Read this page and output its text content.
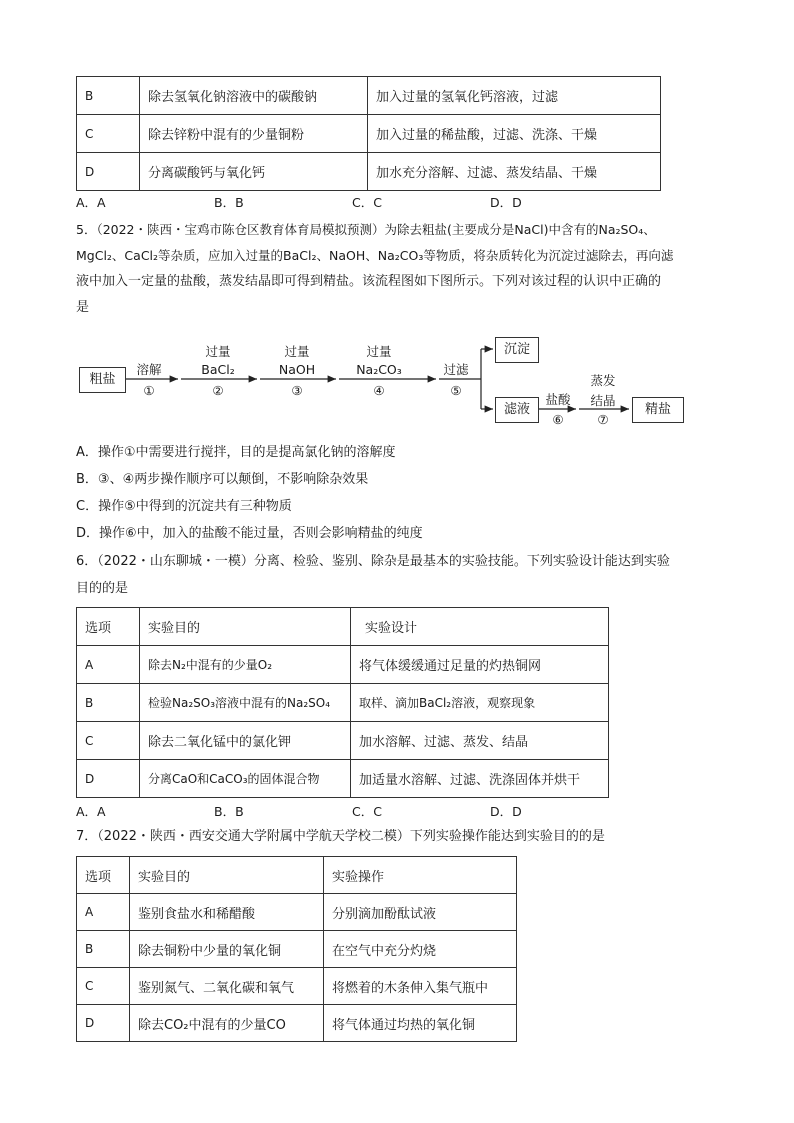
B	除去氢氧化钠溶液中的碳酸钠	加入过量的氢氧化钙溶液，过滤
C	除去锌粉中混有的少量铜粉	加入过量的稀盐酸，过滤、洗涤、干燥
D	分离碳酸钙与氧化钙	加水充分溶解、过滤、蒸发结晶、干燥
A．A	B．B	C．C	D．D
5．（2022・陕西・宝鸡市陈仓区教育体育局模拟预测）为除去粗盐(主要成分是NaCl)中含有的Na₂SO₄、
MgCl₂、CaCl₂等杂质，应加入过量的BaCl₂、NaOH、Na₂CO₃等物质，将杂质转化为沉淀过滤除去，再向滤
液中加入一定量的盐酸，蒸发结晶即可得到精盐。该流程图如下图所示。下列对该过程的认识中正确的
是
粗盐
溶解
①
过量
BaCl₂
②
过量
NaOH
③
过量
Na₂CO₃
④
过滤
⑤
沉淀
滤液
盐酸
⑥
蒸发
结晶
⑦
精盐
A．操作①中需要进行搅拌，目的是提高氯化钠的溶解度
B．③、④两步操作顺序可以颠倒，不影响除杂效果
C．操作⑤中得到的沉淀共有三种物质
D．操作⑥中，加入的盐酸不能过量，否则会影响精盐的纯度
6．（2022・山东聊城・一模）分离、检验、鉴别、除杂是最基本的实验技能。下列实验设计能达到实验
目的的是
选项	实验目的	实验设计
A	除去N₂中混有的少量O₂	将气体缓缓通过足量的灼热铜网
B	检验Na₂SO₃溶液中混有的Na₂SO₄	取样、滴加BaCl₂溶液，观察现象
C	除去二氧化锰中的氯化钾	加水溶解、过滤、蒸发、结晶
D	分离CaO和CaCO₃的固体混合物	加适量水溶解、过滤、洗涤固体并烘干
A．A	B．B	C．C	D．D
7．（2022・陕西・西安交通大学附属中学航天学校二模）下列实验操作能达到实验目的的是
选项	实验目的	实验操作
A	鉴别食盐水和稀醋酸	分别滴加酚酞试液
B	除去铜粉中少量的氧化铜	在空气中充分灼烧
C	鉴别氮气、二氧化碳和氧气	将燃着的木条伸入集气瓶中
D	除去CO₂中混有的少量CO	将气体通过均热的氧化铜
